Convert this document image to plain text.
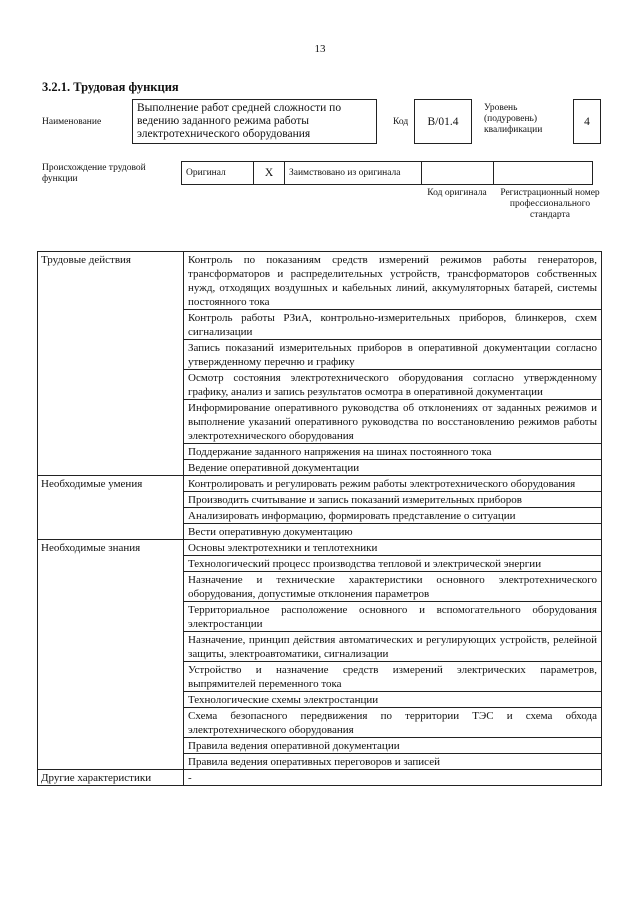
13
3.2.1. Трудовая функция
Наименование
Выполнение работ средней сложности по ведению заданного режима работы электротехнического оборудования
Код	В/01.4
Уровень (подуровень) квалификации
4
Происхождение трудовой функции
Оригинал	X	Заимствовано из оригинала		
Код оригинала	Регистрационный номер профессионального стандарта
Трудовые действия	Контроль по показаниям средств измерений режимов работы генераторов, трансформаторов и распределительных устройств, трансформаторов собственных нужд, отходящих воздушных и кабельных линий, аккумуляторных батарей, системы постоянного тока
	Контроль работы РЗиА, контрольно-измерительных приборов, блинкеров, схем сигнализации
	Запись показаний измерительных приборов в оперативной документации согласно утвержденному перечню и графику
	Осмотр состояния электротехнического оборудования согласно утвержденному графику, анализ и запись результатов осмотра в оперативной документации
	Информирование оперативного руководства об отклонениях от заданных режимов и выполнение указаний оперативного руководства по восстановлению режимов работы электротехнического оборудования
	Поддержание заданного напряжения на шинах постоянного тока
	Ведение оперативной документации
Необходимые умения	Контролировать и регулировать режим работы электротехнического оборудования
	Производить считывание и запись показаний измерительных приборов
	Анализировать информацию, формировать представление о ситуации
	Вести оперативную документацию
Необходимые знания	Основы электротехники и теплотехники
	Технологический процесс производства тепловой и электрической энергии
	Назначение и технические характеристики основного электротехнического оборудования, допустимые отклонения параметров
	Территориальное расположение основного и вспомогательного оборудования электростанции
	Назначение, принцип действия автоматических и регулирующих устройств, релейной защиты, электроавтоматики, сигнализации
	Устройство и назначение средств измерений электрических параметров, выпрямителей переменного тока
	Технологические схемы электростанции
	Схема безопасного передвижения по территории ТЭС и схема обхода электротехнического оборудования
	Правила ведения оперативной документации
	Правила ведения оперативных переговоров и записей
Другие характеристики	-
